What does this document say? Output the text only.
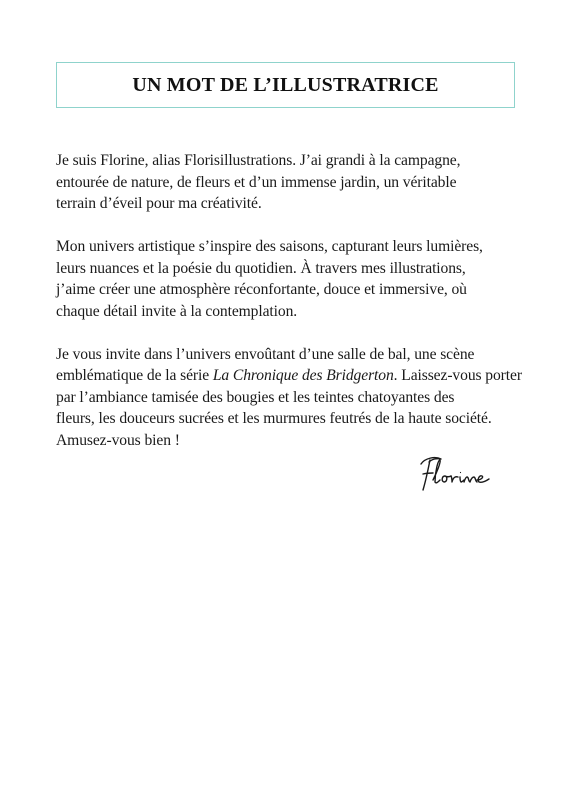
UN MOT DE L’ILLUSTRATRICE

Je suis Florine, alias Florisillustrations. J’ai grandi à la campagne,
entourée de nature, de fleurs et d’un immense jardin, un véritable
terrain d’éveil pour ma créativité.

Mon univers artistique s’inspire des saisons, capturant leurs lumières,
leurs nuances et la poésie du quotidien. À travers mes illustrations,
j’aime créer une atmosphère réconfortante, douce et immersive, où
chaque détail invite à la contemplation.

Je vous invite dans l’univers envoûtant d’une salle de bal, une scène
emblématique de la série La Chronique des Bridgerton. Laissez-vous porter
par l’ambiance tamisée des bougies et les teintes chatoyantes des
fleurs, les douceurs sucrées et les murmures feutrés de la haute société.
Amusez-vous bien !
